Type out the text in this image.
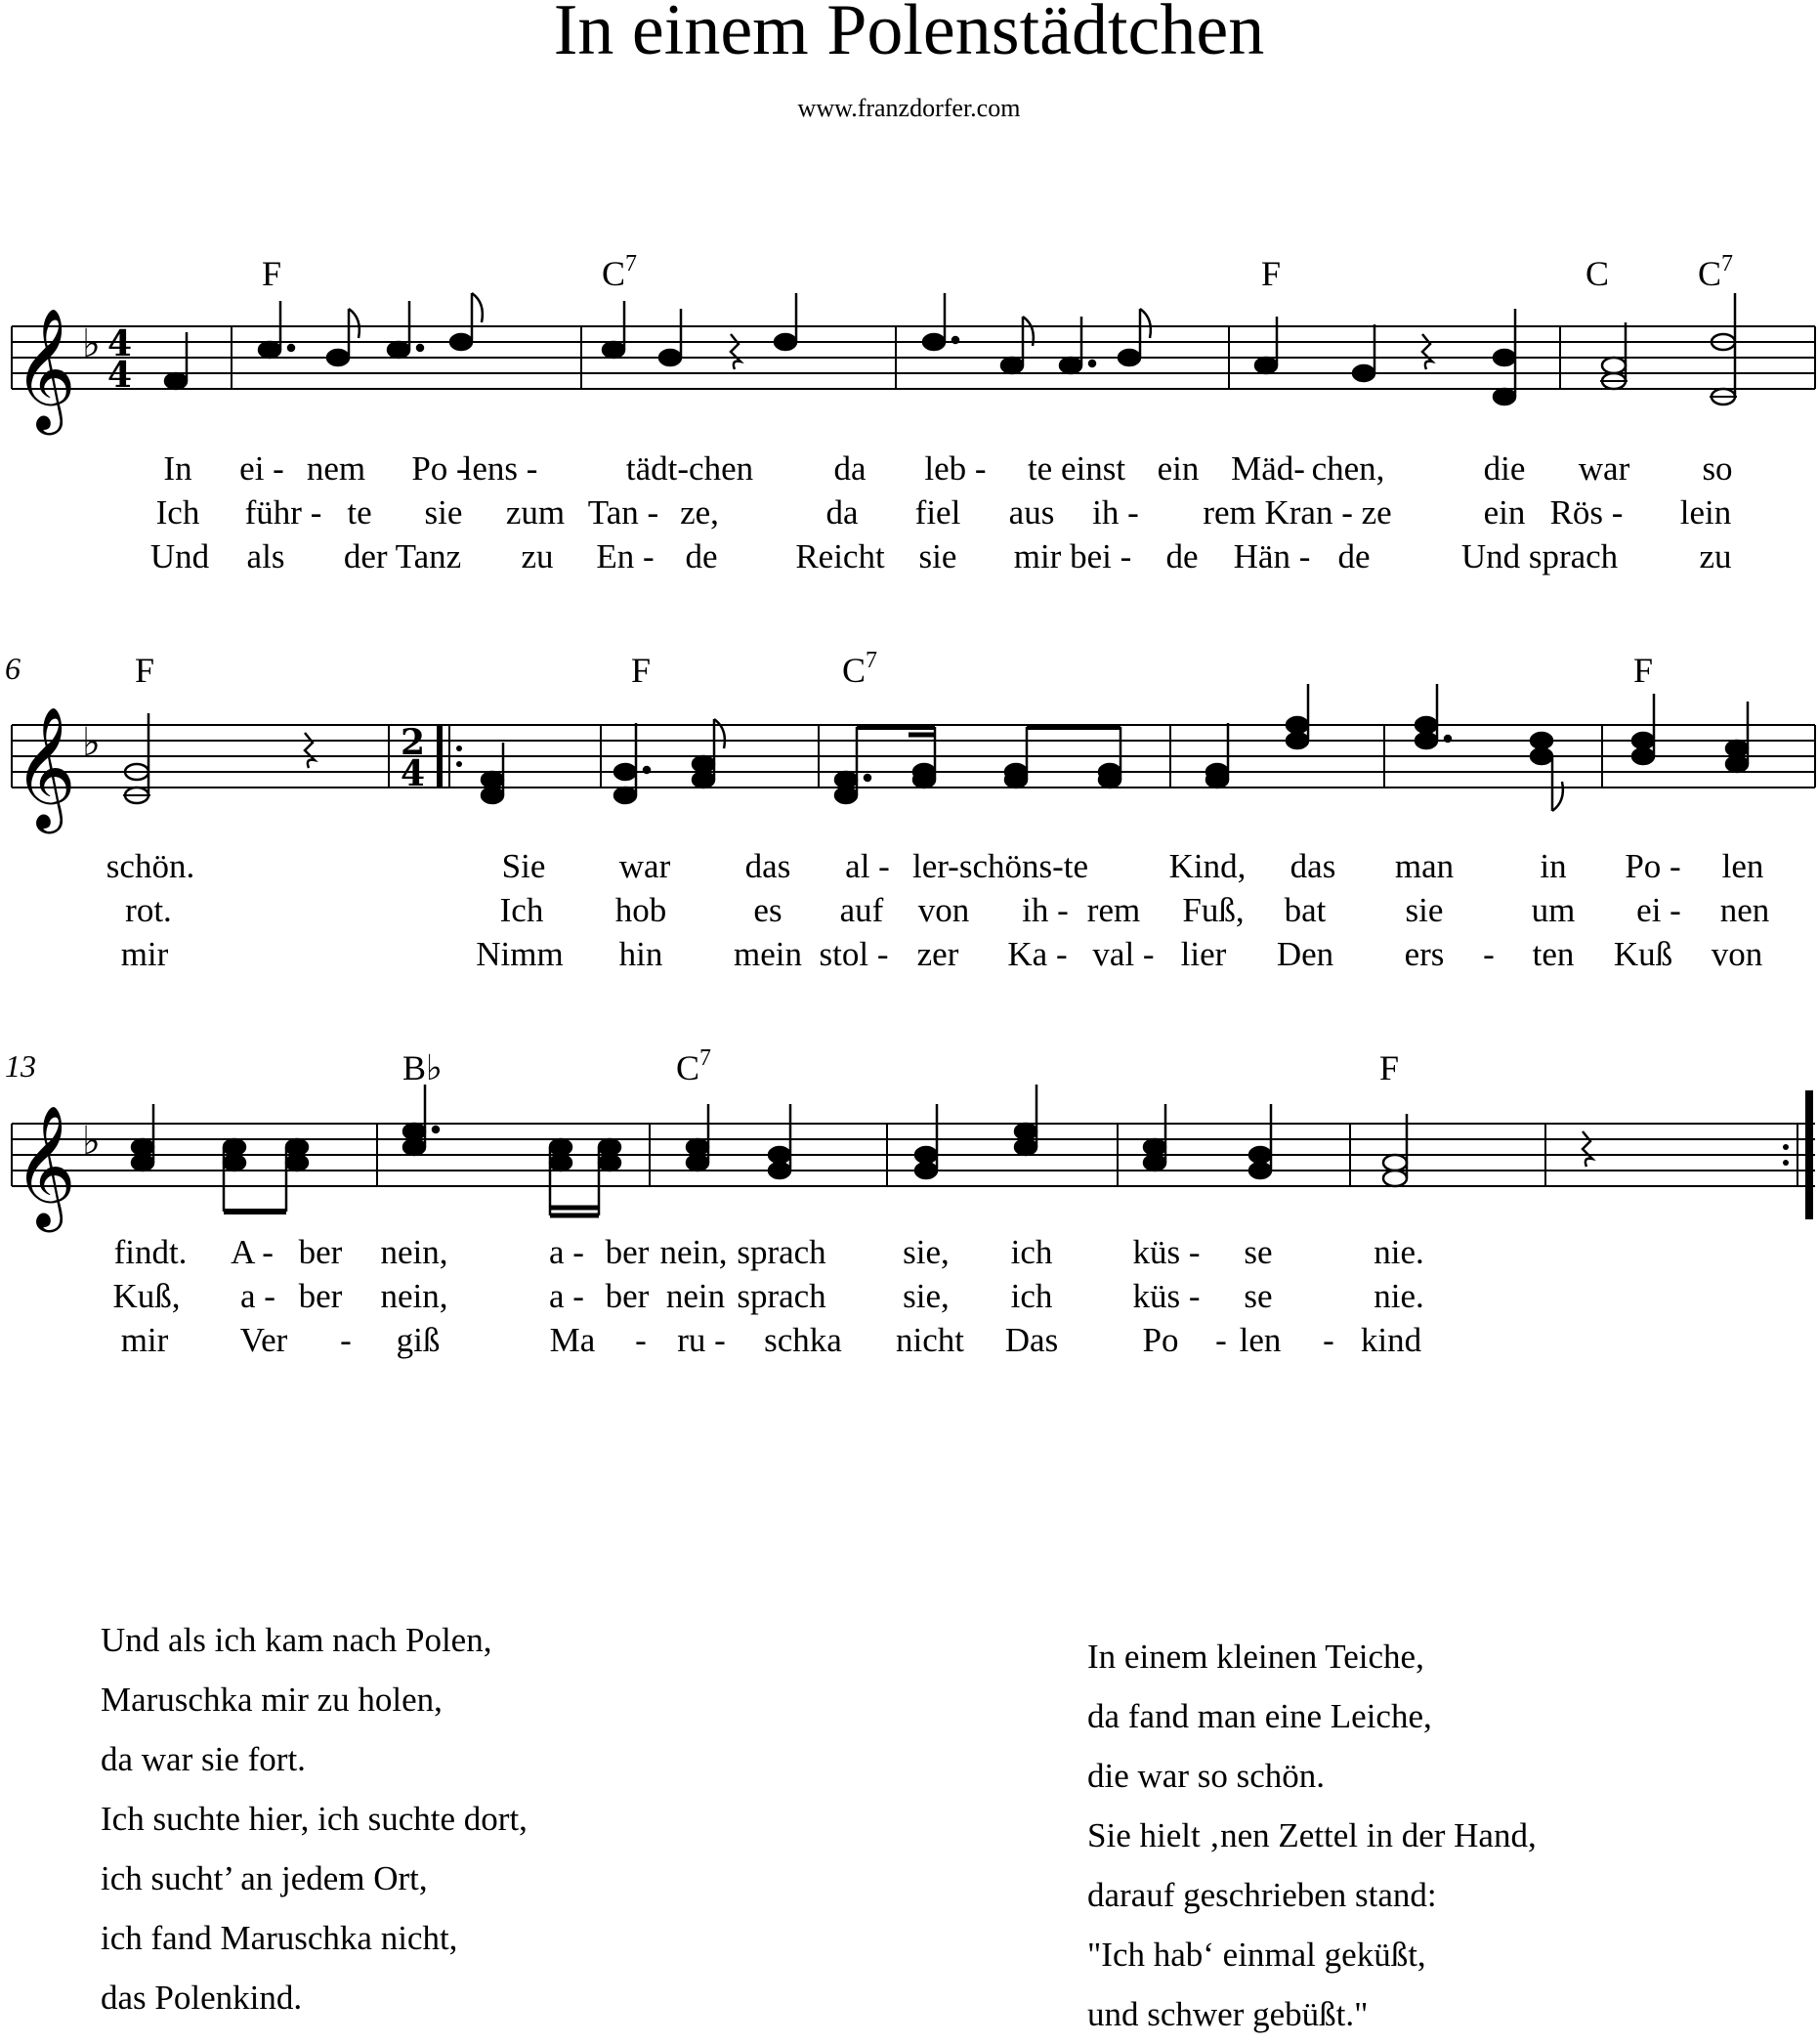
In einem Polenstädtchen
www.franzdorfer.com
F	$C^7$	F	C	$C^7$
𝄞 ♭ 4
4
In ei - nem Po -
lens -	tädt-chen da leb - te einst ein Mäd- chen,	die war so
Ich führ - te sie zum Tan - ze,	da fiel aus ih - rem Kran - ze	ein Rös - lein
Und als der Tanz zu En - de Reicht sie mir bei - de Hän - de	Und sprach zu
6	F	F	$C^7$	F
𝄞 ♭	2
4
schön.	Sie war das al - ler-schöns-te Kind, das man	in Po - len
rot.	Ich hob	es auf von ih - rem Fuß, bat sie	um ei - nen
mir	Nimm hin mein stol - zer Ka - val - lier Den ers - ten Kuß von
13	B♭	$C^7$	F
𝄞 ♭
findt. A - ber nein,	a - ber nein, sprach sie, ich küs - se	nie.
Kuß, a - ber nein,	a - ber nein sprach sie, ich küs - se	nie.
mir Ver - giß	Ma - ru - schka nicht Das Po - len - kind
Und als ich kam nach Polen,
Maruschka mir zu holen,
da war sie fort.
Ich suchte hier, ich suchte dort,
ich sucht’ an jedem Ort,
ich fand Maruschka nicht,
das Polenkind.
In einem kleinen Teiche,
da fand man eine Leiche,
die war so schön.
Sie hielt ‚nen Zettel in der Hand,
darauf geschrieben stand:
"Ich hab‘ einmal geküßt,
und schwer gebüßt."
